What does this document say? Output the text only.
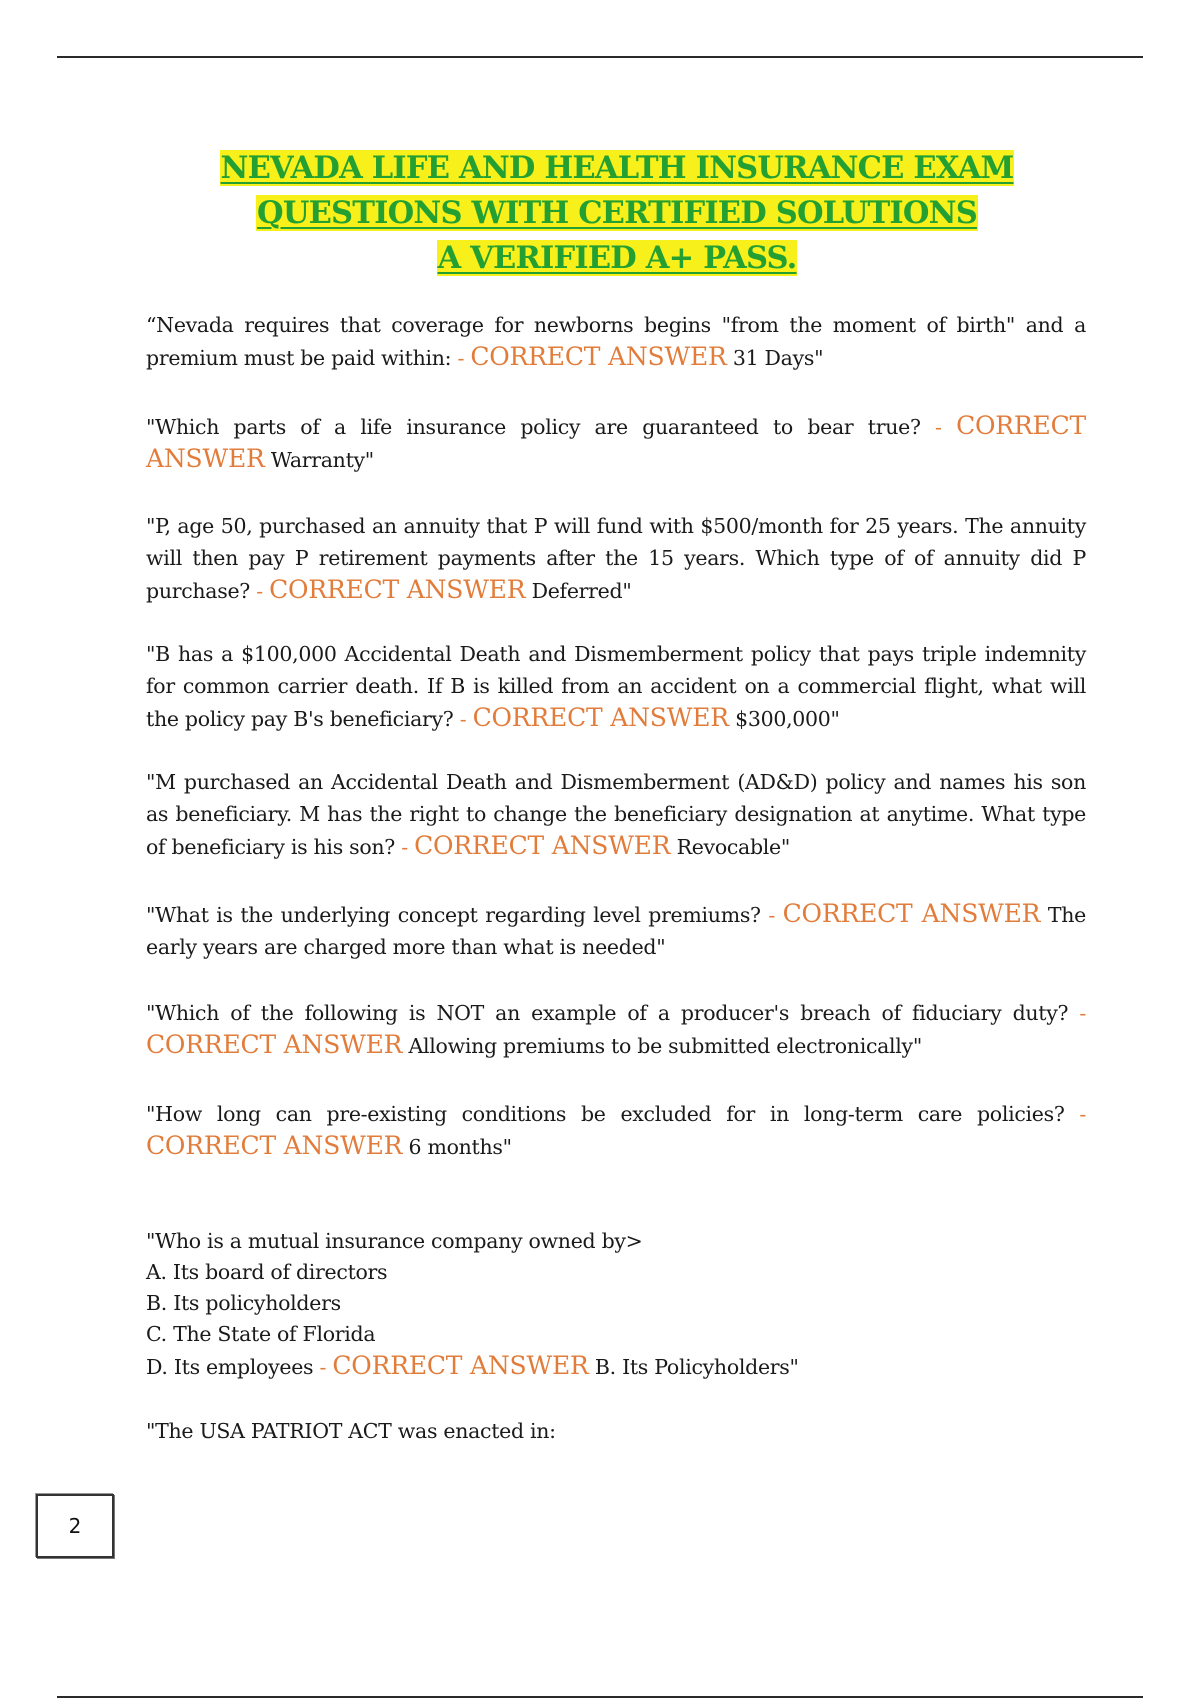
NEVADA LIFE AND HEALTH INSURANCE EXAM
QUESTIONS WITH CERTIFIED SOLUTIONS
A VERIFIED A+ PASS.

“Nevada requires that coverage for newborns begins "from the moment of birth" and a premium must be paid within: - CORRECT ANSWER 31 Days"

"Which parts of a life insurance policy are guaranteed to bear true? - CORRECT ANSWER Warranty"

"P, age 50, purchased an annuity that P will fund with $500/month for 25 years. The annuity will then pay P retirement payments after the 15 years. Which type of of annuity did P purchase? - CORRECT ANSWER Deferred"

"B has a $100,000 Accidental Death and Dismemberment policy that pays triple indemnity for common carrier death. If B is killed from an accident on a commercial flight, what will the policy pay B's beneficiary? - CORRECT ANSWER $300,000"

"M purchased an Accidental Death and Dismemberment (AD&D) policy and names his son as beneficiary. M has the right to change the beneficiary designation at anytime. What type of beneficiary is his son? - CORRECT ANSWER Revocable"

"What is the underlying concept regarding level premiums? - CORRECT ANSWER The early years are charged more than what is needed"

"Which of the following is NOT an example of a producer's breach of fiduciary duty? - CORRECT ANSWER Allowing premiums to be submitted electronically"

"How long can pre-existing conditions be excluded for in long-term care policies? - CORRECT ANSWER 6 months"

"Who is a mutual insurance company owned by>
A. Its board of directors
B. Its policyholders
C. The State of Florida
D. Its employees - CORRECT ANSWER B. Its Policyholders"

"The USA PATRIOT ACT was enacted in:

2
